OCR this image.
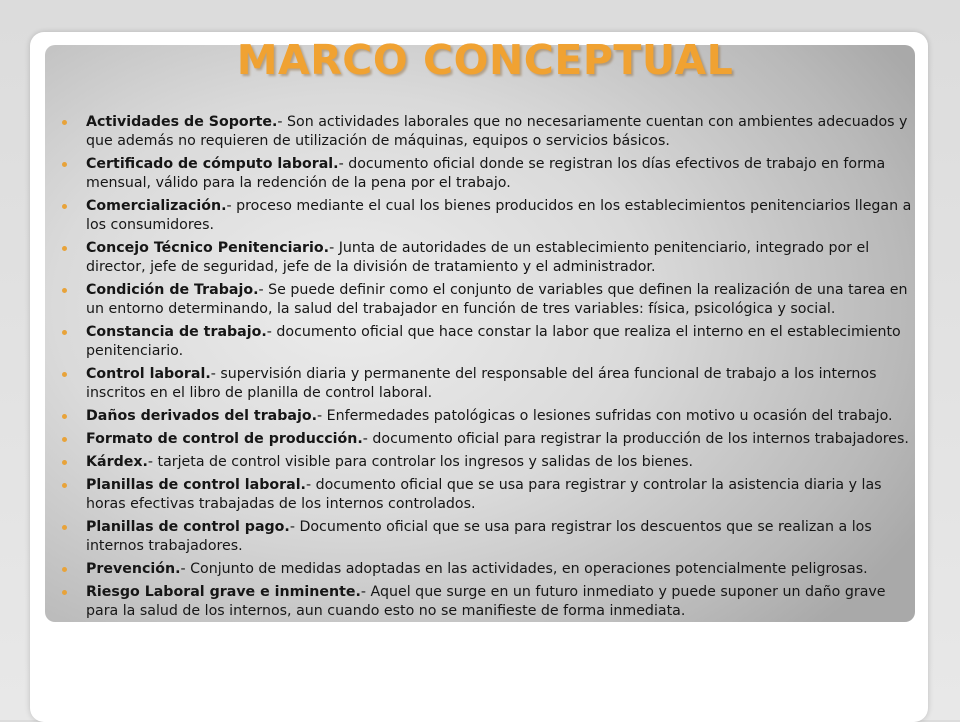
MARCO CONCEPTUAL
Actividades de Soporte.- Son actividades laborales que no necesariamente cuentan con ambientes adecuados y que además no requieren de utilización de máquinas, equipos o servicios básicos.
Certificado de cómputo laboral.- documento oficial donde se registran los días efectivos de trabajo en forma mensual, válido para la redención de la pena por el trabajo.
Comercialización.- proceso mediante el cual los bienes producidos en los establecimientos penitenciarios llegan a los consumidores.
Concejo Técnico Penitenciario.- Junta de autoridades de un establecimiento penitenciario, integrado por el director, jefe de seguridad, jefe de la división de tratamiento y el administrador.
Condición de Trabajo.- Se puede definir como el conjunto de variables que definen la realización de una tarea en un entorno determinando, la salud del trabajador en función de tres variables: física, psicológica y social.
Constancia de trabajo.- documento oficial que hace constar la labor que realiza el interno en el establecimiento penitenciario.
Control laboral.- supervisión diaria y permanente del responsable del área funcional de trabajo a los internos inscritos en el libro de planilla de control laboral.
Daños derivados del trabajo.- Enfermedades patológicas o lesiones sufridas con motivo u ocasión del trabajo.
Formato de control de producción.- documento oficial para registrar la producción de los internos trabajadores.
Kárdex.- tarjeta de control visible para controlar los ingresos y salidas de los bienes.
Planillas de control laboral.- documento oficial que se usa para registrar y controlar la asistencia diaria y las horas efectivas trabajadas de los internos controlados.
Planillas de control pago.- Documento oficial que se usa para registrar los descuentos que se realizan a los internos trabajadores.
Prevención.- Conjunto de medidas adoptadas en las actividades, en operaciones potencialmente peligrosas.
Riesgo Laboral grave e inminente.- Aquel que surge en un futuro inmediato y puede suponer un daño grave para la salud de los internos, aun cuando esto no se manifieste de forma inmediata.
